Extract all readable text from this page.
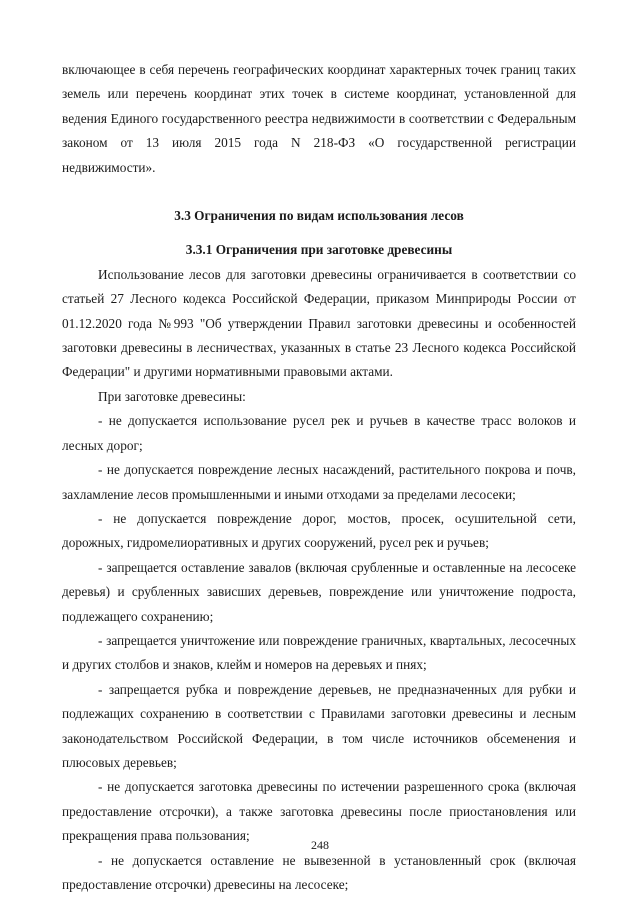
включающее в себя перечень географических координат характерных точек границ таких земель или перечень координат этих точек в системе координат, установленной для ведения Единого государственного реестра недвижимости в соответствии с Федеральным законом от 13 июля 2015 года N 218-ФЗ «О государственной регистрации недвижимости».

3.3 Ограничения по видам использования лесов

3.3.1 Ограничения при заготовке древесины

Использование лесов для заготовки древесины ограничивается в соответствии со статьей 27 Лесного кодекса Российской Федерации, приказом Минприроды России от 01.12.2020 года №993 "Об утверждении Правил заготовки древесины и особенностей заготовки древесины в лесничествах, указанных в статье 23 Лесного кодекса Российской Федерации" и другими нормативными правовыми актами.

При заготовке древесины:

- не допускается использование русел рек и ручьев в качестве трасс волоков и лесных дорог;

- не допускается повреждение лесных насаждений, растительного покрова и почв, захламление лесов промышленными и иными отходами за пределами лесосеки;

- не допускается повреждение дорог, мостов, просек, осушительной сети, дорожных, гидромелиоративных и других сооружений, русел рек и ручьев;

- запрещается оставление завалов (включая срубленные и оставленные на лесосеке деревья) и срубленных зависших деревьев, повреждение или уничтожение подроста, подлежащего сохранению;

- запрещается уничтожение или повреждение граничных, квартальных, лесосечных и других столбов и знаков, клейм и номеров на деревьях и пнях;

- запрещается рубка и повреждение деревьев, не предназначенных для рубки и подлежащих сохранению в соответствии с Правилами заготовки древесины и лесным законодательством Российской Федерации, в том числе источников обсеменения и плюсовых деревьев;

- не допускается заготовка древесины по истечении разрешенного срока (включая предоставление отсрочки), а также заготовка древесины после приостановления или прекращения права пользования;

- не допускается оставление не вывезенной в установленный срок (включая предоставление отсрочки) древесины на лесосеке;

248
